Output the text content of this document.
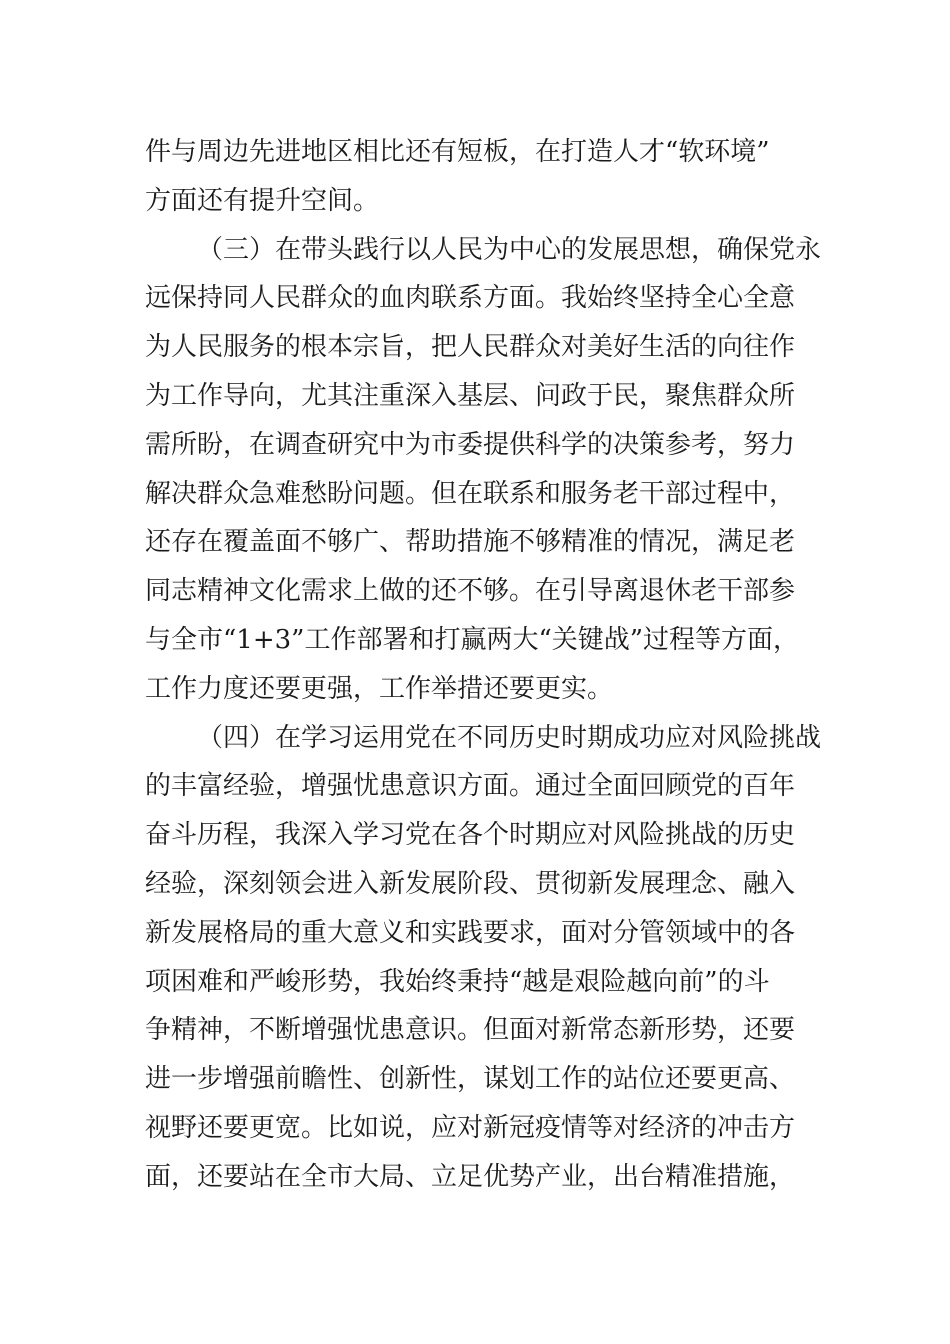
件与周边先进地区相比还有短板，在打造人才“软环境”
方面还有提升空间。
（三）在带头践行以人民为中心的发展思想，确保党永
远保持同人民群众的血肉联系方面。我始终坚持全心全意
为人民服务的根本宗旨，把人民群众对美好生活的向往作
为工作导向，尤其注重深入基层、问政于民，聚焦群众所
需所盼，在调查研究中为市委提供科学的决策参考，努力
解决群众急难愁盼问题。但在联系和服务老干部过程中，
还存在覆盖面不够广、帮助措施不够精准的情况，满足老
同志精神文化需求上做的还不够。在引导离退休老干部参
与全市“1+3”工作部署和打赢两大“关键战”过程等方面，
工作力度还要更强，工作举措还要更实。
（四）在学习运用党在不同历史时期成功应对风险挑战
的丰富经验，增强忧患意识方面。通过全面回顾党的百年
奋斗历程，我深入学习党在各个时期应对风险挑战的历史
经验，深刻领会进入新发展阶段、贯彻新发展理念、融入
新发展格局的重大意义和实践要求，面对分管领域中的各
项困难和严峻形势，我始终秉持“越是艰险越向前”的斗
争精神，不断增强忧患意识。但面对新常态新形势，还要
进一步增强前瞻性、创新性，谋划工作的站位还要更高、
视野还要更宽。比如说，应对新冠疫情等对经济的冲击方
面，还要站在全市大局、立足优势产业，出台精准措施，
